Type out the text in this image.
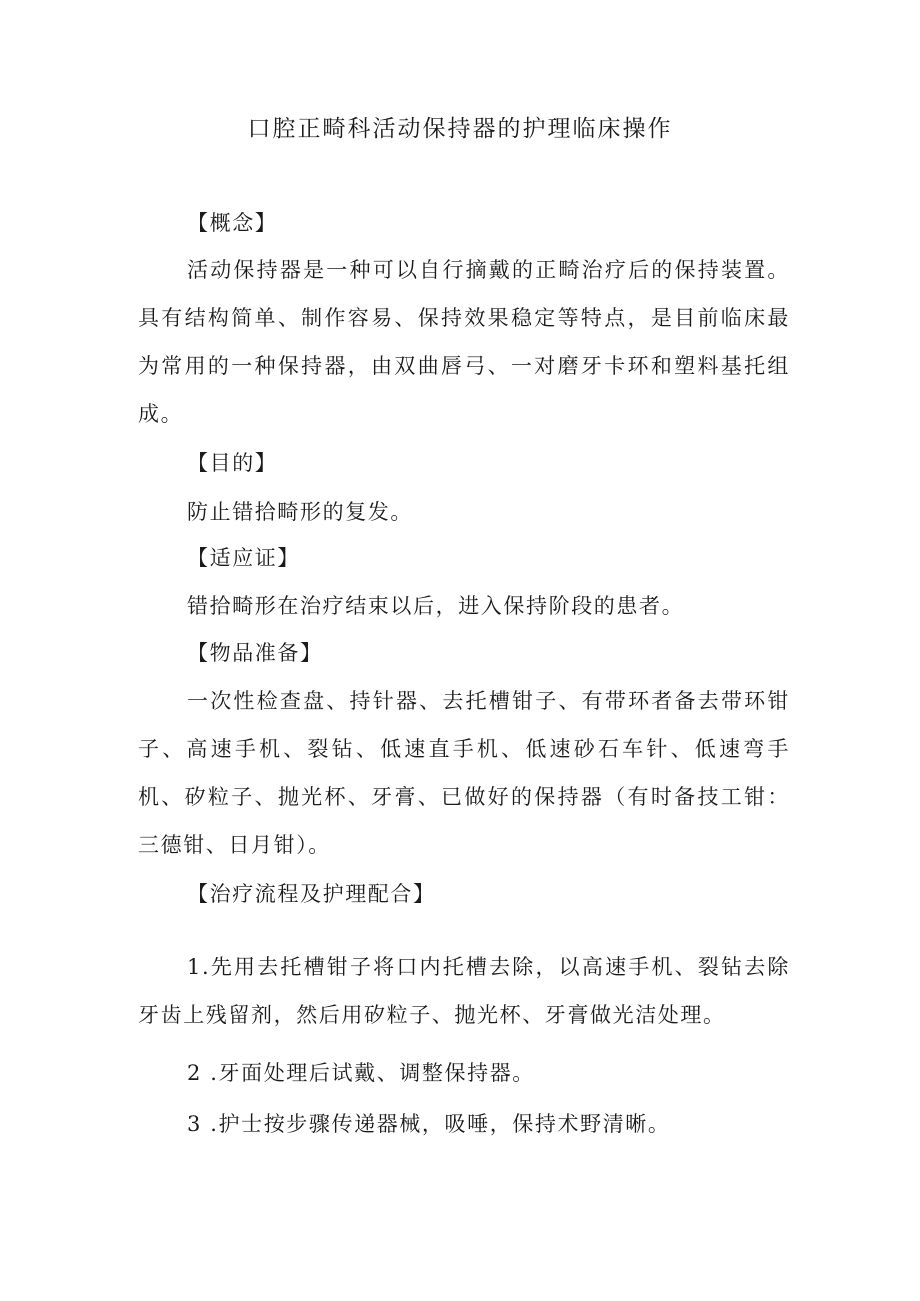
口腔正畸科活动保持器的护理临床操作

【概念】

活动保持器是一种可以自行摘戴的正畸治疗后的保持装置。具有结构简单、制作容易、保持效果稳定等特点，是目前临床最为常用的一种保持器，由双曲唇弓、一对磨牙卡环和塑料基托组成。

【目的】

防止错拾畸形的复发。

【适应证】

错拾畸形在治疗结束以后，进入保持阶段的患者。

【物品准备】

一次性检查盘、持针器、去托槽钳子、有带环者备去带环钳子、高速手机、裂钻、低速直手机、低速砂石车针、低速弯手机、矽粒子、抛光杯、牙膏、已做好的保持器（有时备技工钳：三德钳、日月钳）。

【治疗流程及护理配合】

1.先用去托槽钳子将口内托槽去除，以高速手机、裂钻去除牙齿上残留剂，然后用矽粒子、抛光杯、牙膏做光洁处理。

2 .牙面处理后试戴、调整保持器。

3 .护士按步骤传递器械，吸唾，保持术野清晰。
